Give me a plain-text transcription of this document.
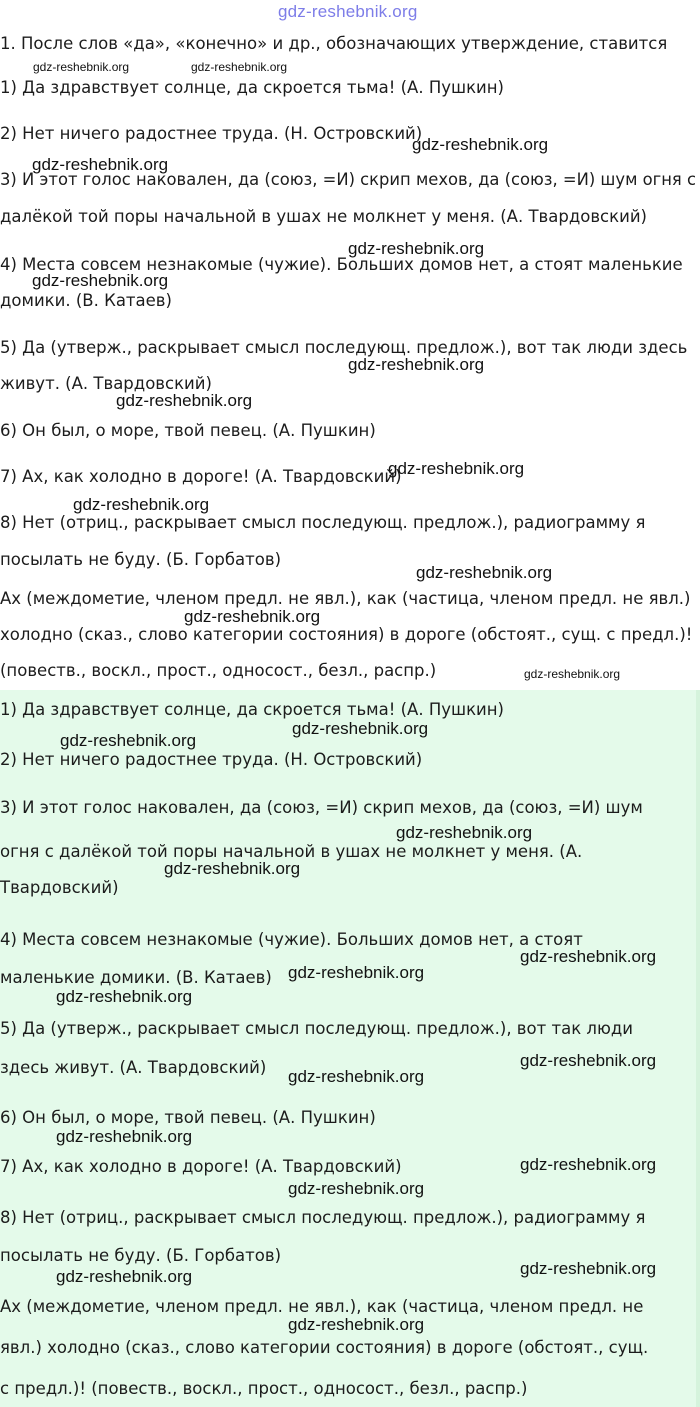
gdz-reshebnik.org
1. После слов «да», «конечно» и др., обозначающих утверждение, ставится
1) Да здравствует солнце, да скроется тьма! (А. Пушкин)
2) Нет ничего радостнее труда. (Н. Островский)
3) И этот голос наковален, да (союз, =И) скрип мехов, да (союз, =И) шум огня с
далёкой той поры начальной в ушах не молкнет у меня. (А. Твардовский)
4) Места совсем незнакомые (чужие). Больших домов нет, а стоят маленькие
домики. (В. Катаев)
5) Да (утверж., раскрывает смысл последующ. предлож.), вот так люди здесь
живут. (А. Твардовский)
6) Он был, о море, твой певец. (А. Пушкин)
7) Ах, как холодно в дороге! (А. Твардовский)
8) Нет (отриц., раскрывает смысл последующ. предлож.), радиограмму я
посылать не буду. (Б. Горбатов)
Ах (междометие, членом предл. не явл.), как (частица, членом предл. не явл.)
холодно (сказ., слово категории состояния) в дороге (обстоят., сущ. с предл.)!
(повеств., воскл., прост., односост., безл., распр.)
1) Да здравствует солнце, да скроется тьма! (А. Пушкин)
2) Нет ничего радостнее труда. (Н. Островский)
3) И этот голос наковален, да (союз, =И) скрип мехов, да (союз, =И) шум
огня с далёкой той поры начальной в ушах не молкнет у меня. (А.
Твардовский)
4) Места совсем незнакомые (чужие). Больших домов нет, а стоят
маленькие домики. (В. Катаев)
5) Да (утверж., раскрывает смысл последующ. предлож.), вот так люди
здесь живут. (А. Твардовский)
6) Он был, о море, твой певец. (А. Пушкин)
7) Ах, как холодно в дороге! (А. Твардовский)
8) Нет (отриц., раскрывает смысл последующ. предлож.), радиограмму я
посылать не буду. (Б. Горбатов)
Ах (междометие, членом предл. не явл.), как (частица, членом предл. не
явл.) холодно (сказ., слово категории состояния) в дороге (обстоят., сущ.
с предл.)! (повеств., воскл., прост., односост., безл., распр.)
gdz-reshebnik.org	gdz-reshebnik.org
gdz-reshebnik.org
gdz-reshebnik.org
gdz-reshebnik.org
gdz-reshebnik.org
gdz-reshebnik.org
gdz-reshebnik.org
gdz-reshebnik.org
gdz-reshebnik.org
gdz-reshebnik.org
gdz-reshebnik.org
gdz-reshebnik.org
gdz-reshebnik.org
gdz-reshebnik.org
gdz-reshebnik.org
gdz-reshebnik.org
gdz-reshebnik.org
gdz-reshebnik.org
gdz-reshebnik.org
gdz-reshebnik.org
gdz-reshebnik.org
gdz-reshebnik.org
gdz-reshebnik.org
gdz-reshebnik.org
gdz-reshebnik.org
gdz-reshebnik.org
gdz-reshebnik.org
